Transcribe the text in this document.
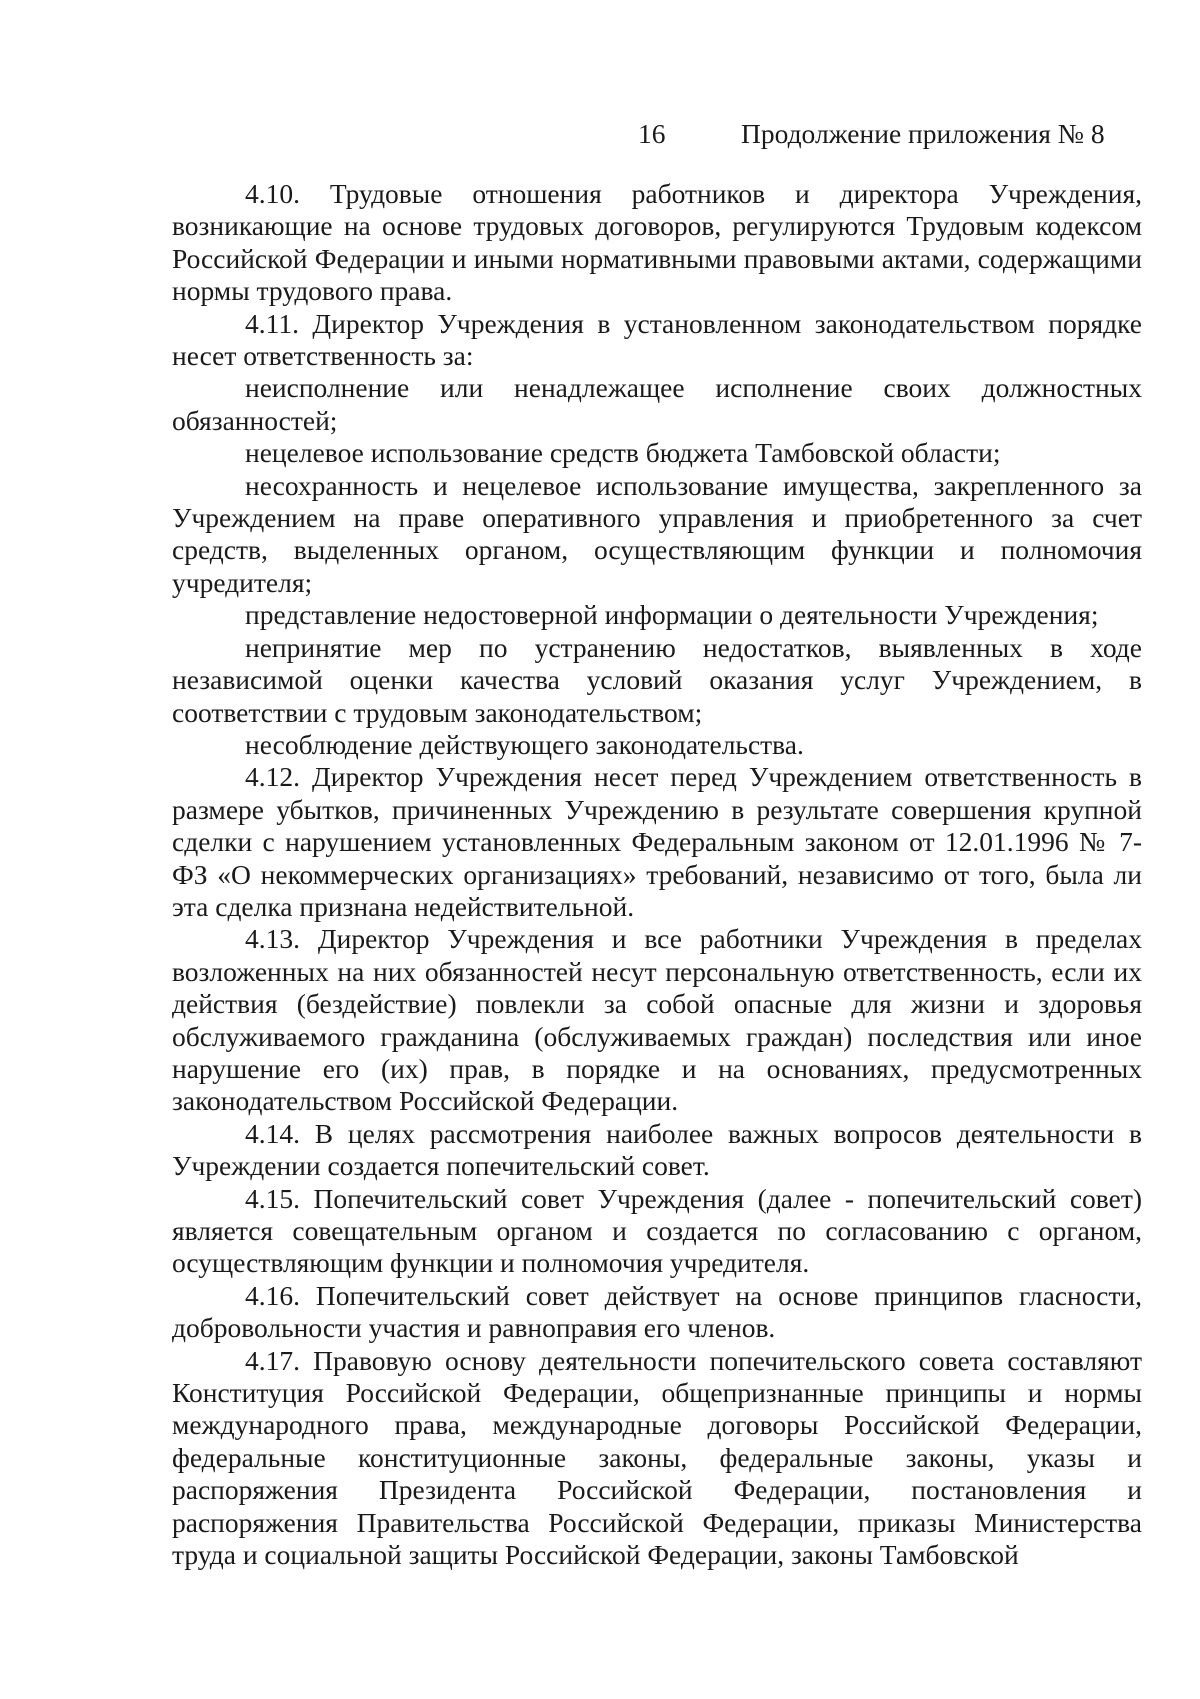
16	Продолжение приложения № 8

4.10. Трудовые отношения работников и директора Учреждения, возникающие на основе трудовых договоров, регулируются Трудовым кодексом Российской Федерации и иными нормативными правовыми актами, содержащими нормы трудового права.

4.11. Директор Учреждения в установленном законодательством порядке несет ответственность за:

неисполнение или ненадлежащее исполнение своих должностных обязанностей;

нецелевое использование средств бюджета Тамбовской области;

несохранность и нецелевое использование имущества, закрепленного за Учреждением на праве оперативного управления и приобретенного за счет средств, выделенных органом, осуществляющим функции и полномочия учредителя;

представление недостоверной информации о деятельности Учреждения;

непринятие мер по устранению недостатков, выявленных в ходе независимой оценки качества условий оказания услуг Учреждением, в соответствии с трудовым законодательством;

несоблюдение действующего законодательства.

4.12. Директор Учреждения несет перед Учреждением ответственность в размере убытков, причиненных Учреждению в результате совершения крупной сделки с нарушением установленных Федеральным законом от 12.01.1996 № 7-ФЗ «О некоммерческих организациях» требований, независимо от того, была ли эта сделка признана недействительной.

4.13. Директор Учреждения и все работники Учреждения в пределах возложенных на них обязанностей несут персональную ответственность, если их действия (бездействие) повлекли за собой опасные для жизни и здоровья обслуживаемого гражданина (обслуживаемых граждан) последствия или иное нарушение его (их) прав, в порядке и на основаниях, предусмотренных законодательством Российской Федерации.

4.14. В целях рассмотрения наиболее важных вопросов деятельности в Учреждении создается попечительский совет.

4.15. Попечительский совет Учреждения (далее - попечительский совет) является совещательным органом и создается по согласованию с органом, осуществляющим функции и полномочия учредителя.

4.16. Попечительский совет действует на основе принципов гласности, добровольности участия и равноправия его членов.

4.17. Правовую основу деятельности попечительского совета составляют Конституция Российской Федерации, общепризнанные принципы и нормы международного права, международные договоры Российской Федерации, федеральные конституционные законы, федеральные законы, указы и распоряжения Президента Российской Федерации, постановления и распоряжения Правительства Российской Федерации, приказы Министерства труда и социальной защиты Российской Федерации, законы Тамбовской
